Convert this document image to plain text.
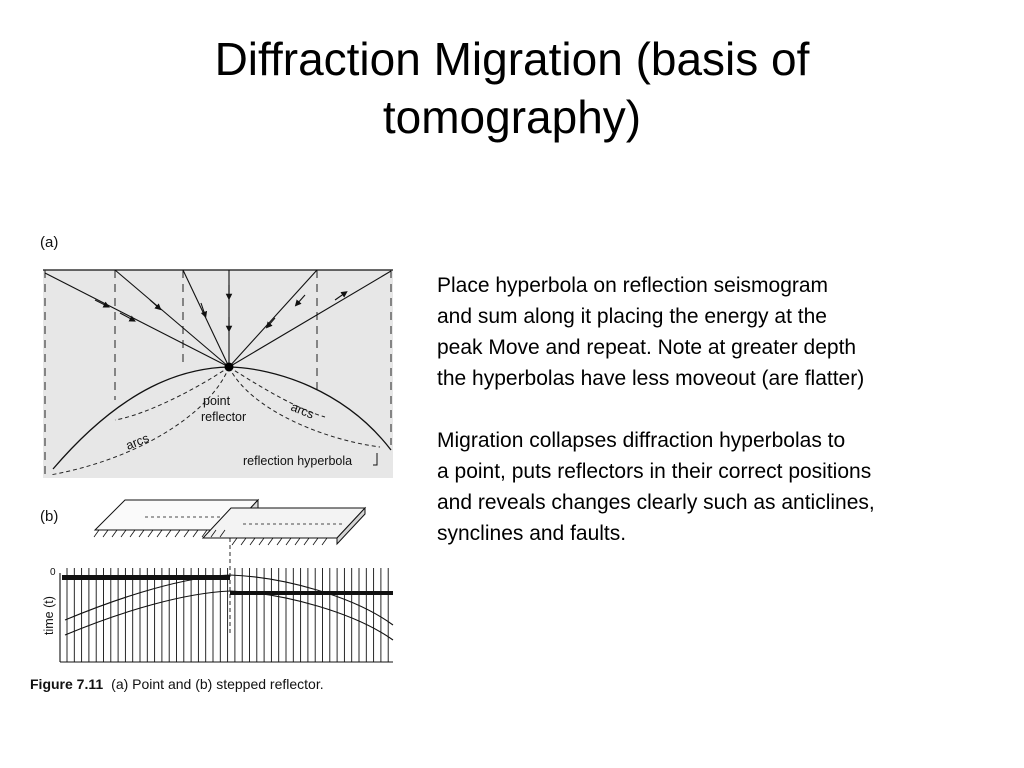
Diffraction Migration (basis of tomography)

Place hyperbola on reflection seismogram
and sum along it placing the energy at the
peak Move and repeat. Note at greater depth
the hyperbolas have less moveout (are flatter)

Migration collapses diffraction hyperbolas to
a point, puts reflectors in their correct positions
and reveals changes clearly such as anticlines,
synclines and faults.

(a)
point reflector
arcs
arcs
reflection hyperbola
(b)
0
time (t)
Figure 7.11 (a) Point and (b) stepped reflector.
